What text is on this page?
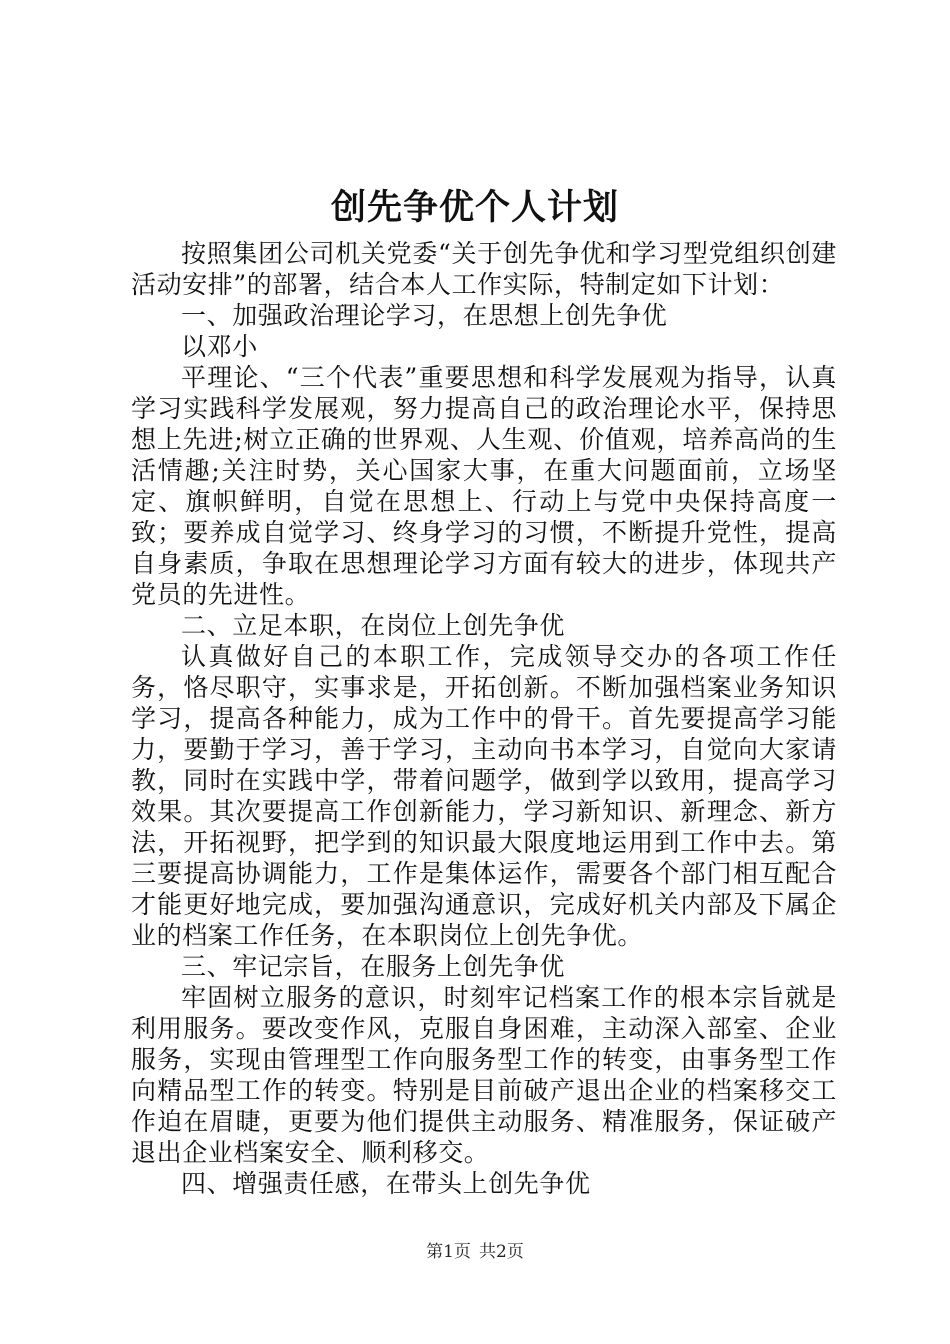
创先争优个人计划

按照集团公司机关党委“关于创先争优和学习型党组织创建活动安排”的部署，结合本人工作实际，特制定如下计划：

一、加强政治理论学习，在思想上创先争优

以邓小

平理论、“三个代表”重要思想和科学发展观为指导，认真学习实践科学发展观，努力提高自己的政治理论水平，保持思想上先进;树立正确的世界观、人生观、价值观，培养高尚的生活情趣;关注时势，关心国家大事，在重大问题面前，立场坚定、旗帜鲜明，自觉在思想上、行动上与党中央保持高度一致；要养成自觉学习、终身学习的习惯，不断提升党性，提高自身素质，争取在思想理论学习方面有较大的进步，体现共产党员的先进性。

二、立足本职，在岗位上创先争优

认真做好自己的本职工作，完成领导交办的各项工作任务，恪尽职守，实事求是，开拓创新。不断加强档案业务知识学习，提高各种能力，成为工作中的骨干。首先要提高学习能力，要勤于学习，善于学习，主动向书本学习，自觉向大家请教，同时在实践中学，带着问题学，做到学以致用，提高学习效果。其次要提高工作创新能力，学习新知识、新理念、新方法，开拓视野，把学到的知识最大限度地运用到工作中去。第三要提高协调能力，工作是集体运作，需要各个部门相互配合才能更好地完成，要加强沟通意识，完成好机关内部及下属企业的档案工作任务，在本职岗位上创先争优。

三、牢记宗旨，在服务上创先争优

牢固树立服务的意识，时刻牢记档案工作的根本宗旨就是利用服务。要改变作风，克服自身困难，主动深入部室、企业服务，实现由管理型工作向服务型工作的转变，由事务型工作向精品型工作的转变。特别是目前破产退出企业的档案移交工作迫在眉睫，更要为他们提供主动服务、精准服务，保证破产退出企业档案安全、顺利移交。

四、增强责任感，在带头上创先争优

第1页 共2页
